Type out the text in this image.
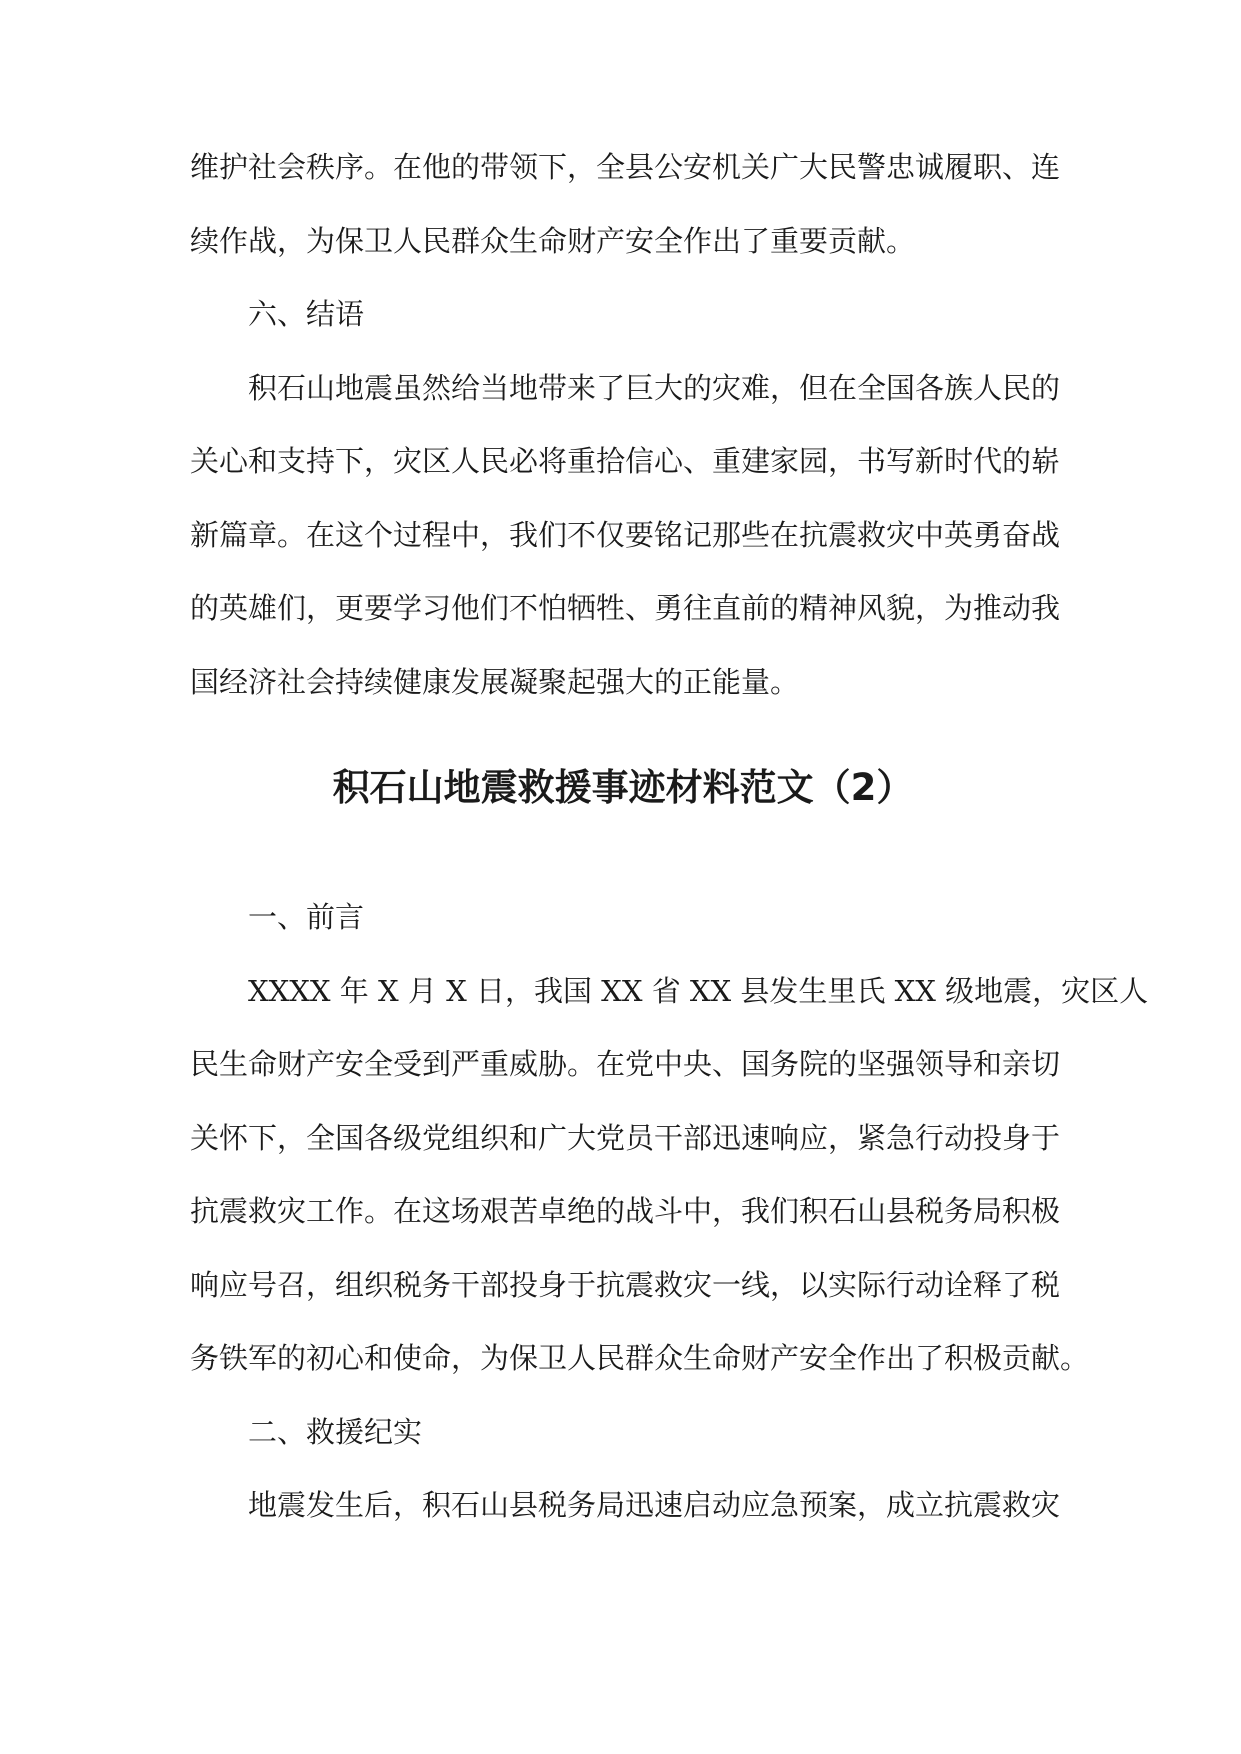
维护社会秩序。在他的带领下，全县公安机关广大民警忠诚履职、连
续作战，为保卫人民群众生命财产安全作出了重要贡献。
六、结语
积石山地震虽然给当地带来了巨大的灾难，但在全国各族人民的
关心和支持下，灾区人民必将重拾信心、重建家园，书写新时代的崭
新篇章。在这个过程中，我们不仅要铭记那些在抗震救灾中英勇奋战
的英雄们，更要学习他们不怕牺牲、勇往直前的精神风貌，为推动我
国经济社会持续健康发展凝聚起强大的正能量。
积石山地震救援事迹材料范文（2）
一、前言
XXXX 年 X 月 X 日，我国 XX 省 XX 县发生里氏 XX 级地震，灾区人
民生命财产安全受到严重威胁。在党中央、国务院的坚强领导和亲切
关怀下，全国各级党组织和广大党员干部迅速响应，紧急行动投身于
抗震救灾工作。在这场艰苦卓绝的战斗中，我们积石山县税务局积极
响应号召，组织税务干部投身于抗震救灾一线，以实际行动诠释了税
务铁军的初心和使命，为保卫人民群众生命财产安全作出了积极贡献。
二、救援纪实
地震发生后，积石山县税务局迅速启动应急预案，成立抗震救灾
